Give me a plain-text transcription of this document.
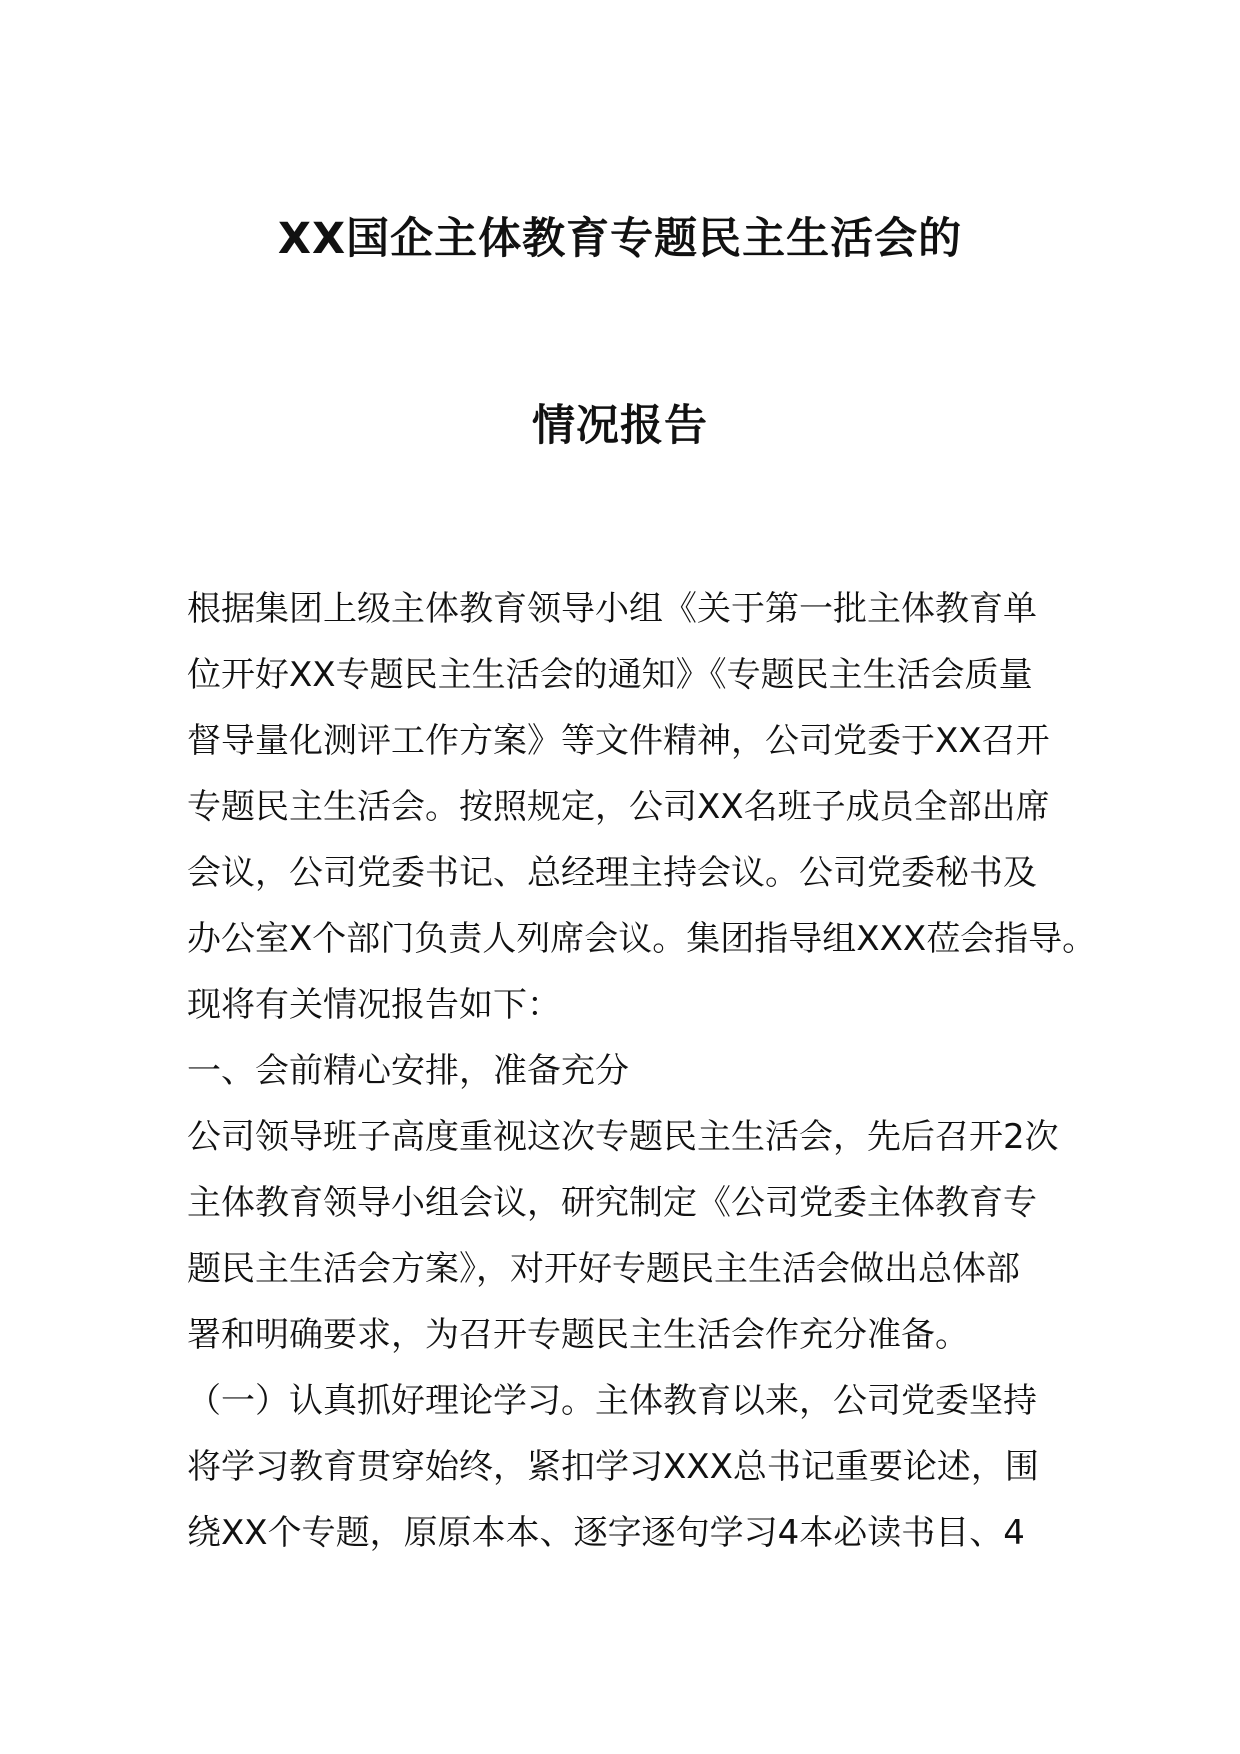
XX国企主体教育专题民主生活会的
情况报告
根据集团上级主体教育领导小组《关于第一批主体教育单
位开好XX专题民主生活会的通知》《专题民主生活会质量
督导量化测评工作方案》等文件精神，公司党委于XX召开
专题民主生活会。按照规定，公司XX名班子成员全部出席
会议，公司党委书记、总经理主持会议。公司党委秘书及
办公室X个部门负责人列席会议。集团指导组XXX莅会指导。
现将有关情况报告如下：
一、会前精心安排，准备充分
公司领导班子高度重视这次专题民主生活会，先后召开2次
主体教育领导小组会议，研究制定《公司党委主体教育专
题民主生活会方案》，对开好专题民主生活会做出总体部
署和明确要求，为召开专题民主生活会作充分准备。
（一）认真抓好理论学习。主体教育以来，公司党委坚持
将学习教育贯穿始终，紧扣学习XXX总书记重要论述，围
绕XX个专题，原原本本、逐字逐句学习4本必读书目、4
